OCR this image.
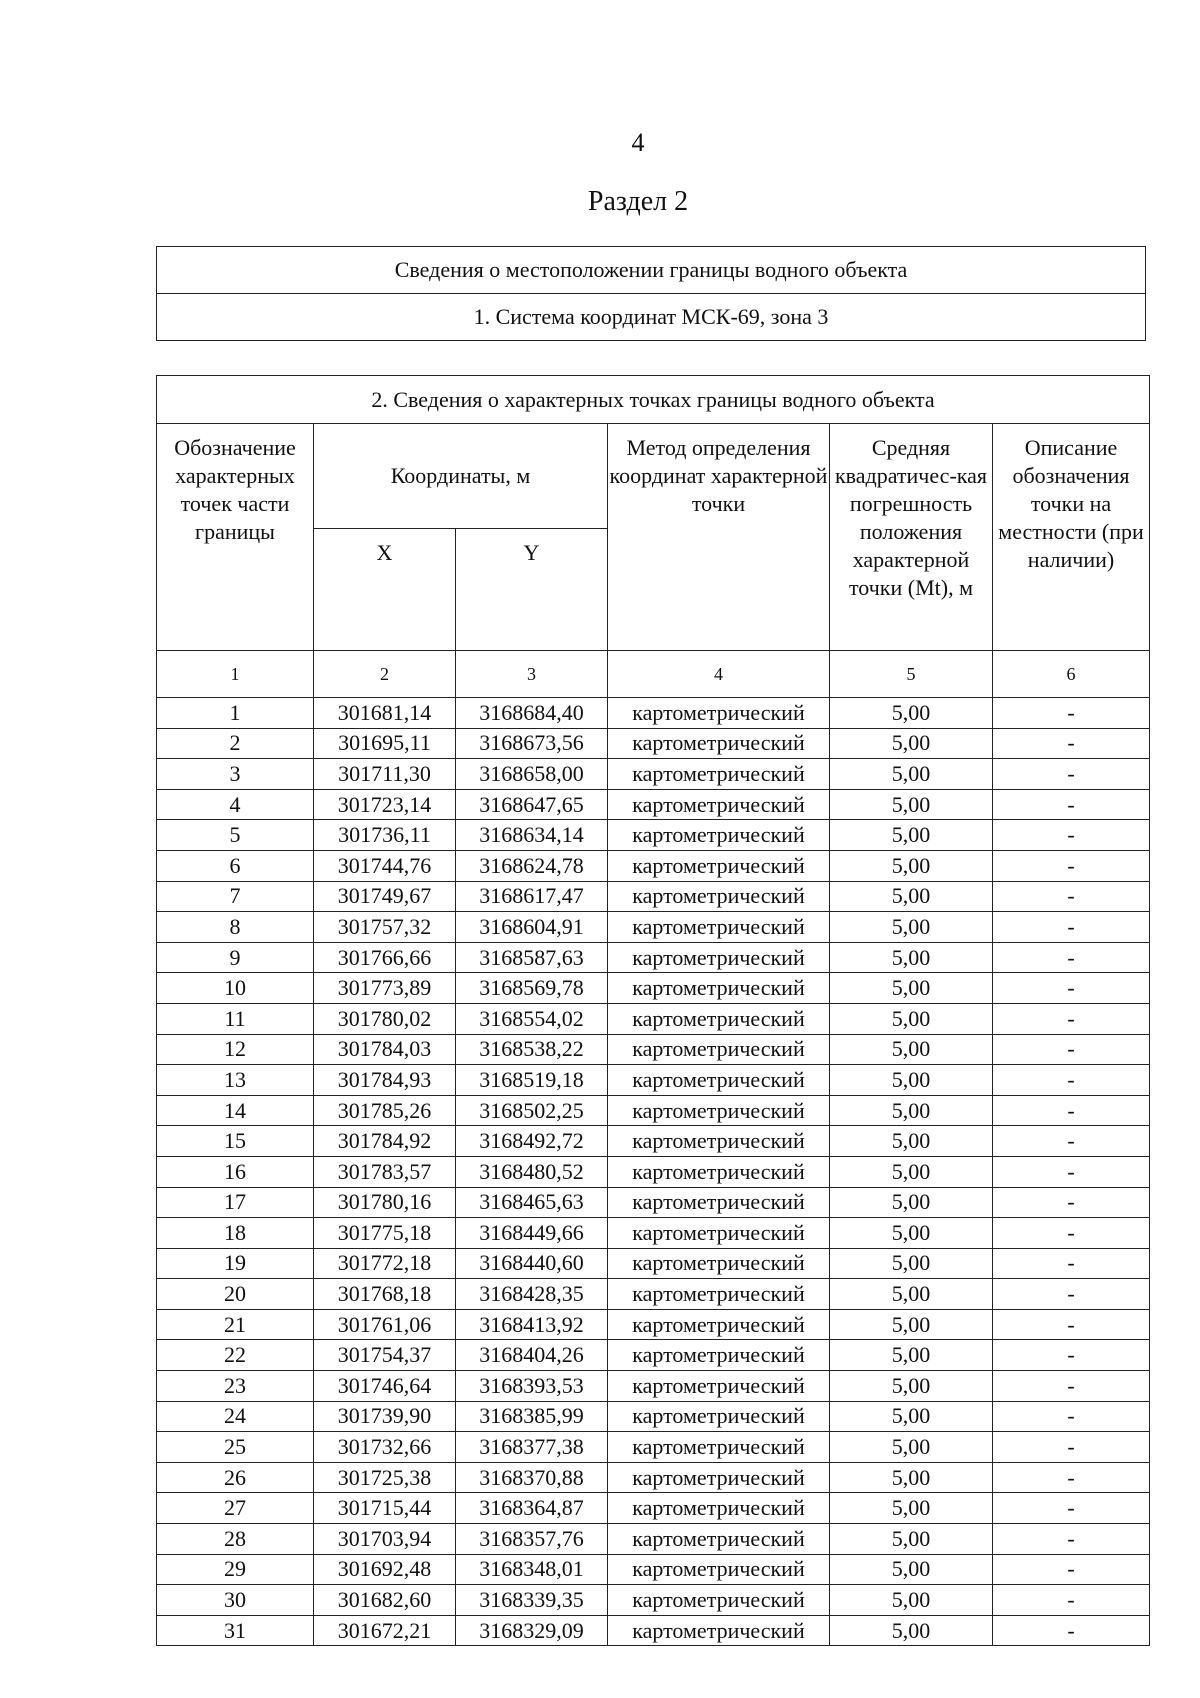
4
Раздел 2
Сведения о местоположении границы водного объекта
1. Система координат МСК-69, зона 3
2. Сведения о характерных точках границы водного объекта					
Обозначение характерных точек части границы	Координаты, м		Метод определения координат характерной точки	Средняя квадратичес-кая погрешность положения характерной точки (Mt), м	Описание обозначения точки на местности (при наличии)
	X	Y			
1	2	3	4	5	6
1	301681,14	3168684,40	картометрический	5,00	-
2	301695,11	3168673,56	картометрический	5,00	-
3	301711,30	3168658,00	картометрический	5,00	-
4	301723,14	3168647,65	картометрический	5,00	-
5	301736,11	3168634,14	картометрический	5,00	-
6	301744,76	3168624,78	картометрический	5,00	-
7	301749,67	3168617,47	картометрический	5,00	-
8	301757,32	3168604,91	картометрический	5,00	-
9	301766,66	3168587,63	картометрический	5,00	-
10	301773,89	3168569,78	картометрический	5,00	-
11	301780,02	3168554,02	картометрический	5,00	-
12	301784,03	3168538,22	картометрический	5,00	-
13	301784,93	3168519,18	картометрический	5,00	-
14	301785,26	3168502,25	картометрический	5,00	-
15	301784,92	3168492,72	картометрический	5,00	-
16	301783,57	3168480,52	картометрический	5,00	-
17	301780,16	3168465,63	картометрический	5,00	-
18	301775,18	3168449,66	картометрический	5,00	-
19	301772,18	3168440,60	картометрический	5,00	-
20	301768,18	3168428,35	картометрический	5,00	-
21	301761,06	3168413,92	картометрический	5,00	-
22	301754,37	3168404,26	картометрический	5,00	-
23	301746,64	3168393,53	картометрический	5,00	-
24	301739,90	3168385,99	картометрический	5,00	-
25	301732,66	3168377,38	картометрический	5,00	-
26	301725,38	3168370,88	картометрический	5,00	-
27	301715,44	3168364,87	картометрический	5,00	-
28	301703,94	3168357,76	картометрический	5,00	-
29	301692,48	3168348,01	картометрический	5,00	-
30	301682,60	3168339,35	картометрический	5,00	-
31	301672,21	3168329,09	картометрический	5,00	-
